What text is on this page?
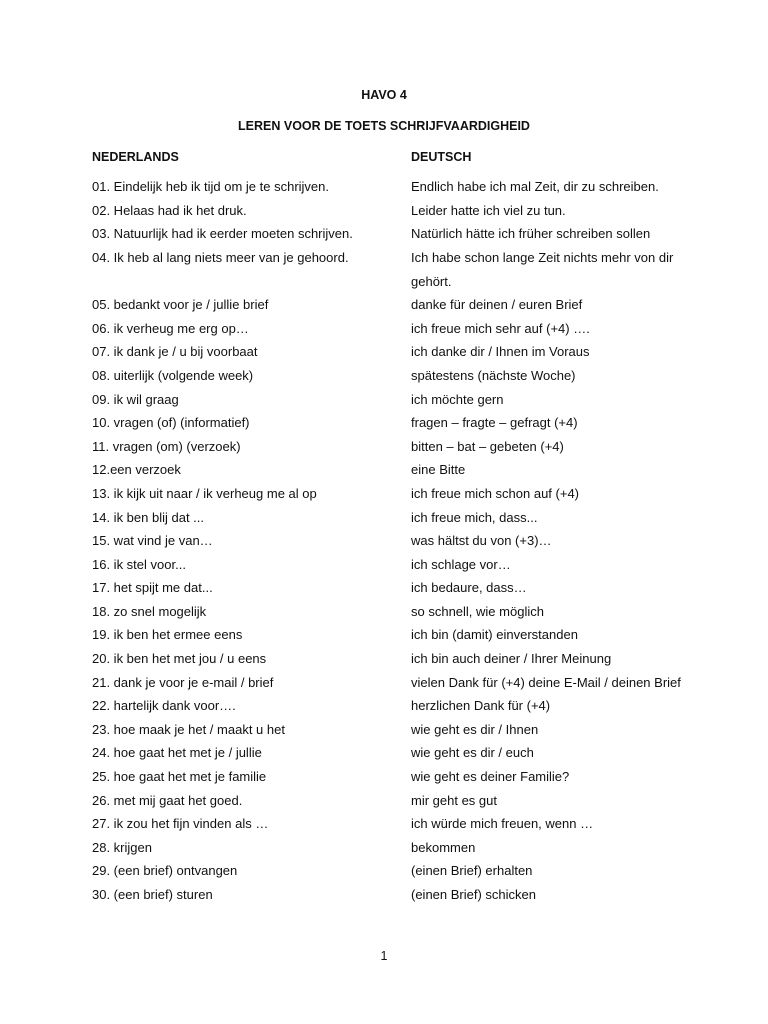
HAVO 4
LEREN VOOR DE TOETS SCHRIJFVAARDIGHEID
NEDERLANDS	DEUTSCH
01. Eindelijk heb ik tijd om je te schrijven.	Endlich habe ich mal Zeit, dir zu schreiben.
02. Helaas had ik het druk.	Leider hatte ich viel zu tun.
03. Natuurlijk had ik eerder moeten schrijven.	Natürlich hätte ich früher schreiben sollen
04. Ik heb al lang niets meer van je gehoord.	Ich habe schon lange Zeit nichts mehr von dir gehört.
05. bedankt voor je / jullie brief	danke für deinen / euren Brief
06. ik verheug me erg op…	ich freue mich sehr auf (+4) ….
07. ik dank je / u bij voorbaat	ich danke dir / Ihnen im Voraus
08. uiterlijk (volgende week)	spätestens (nächste Woche)
09. ik wil graag	ich möchte gern
10. vragen (of) (informatief)	fragen – fragte – gefragt (+4)
11. vragen (om) (verzoek)	bitten – bat – gebeten (+4)
12.een verzoek	eine Bitte
13. ik kijk uit naar / ik verheug me al op	ich freue mich schon auf (+4)
14. ik ben blij dat ...	ich freue mich, dass...
15. wat vind je van…	was hältst du von (+3)…
16. ik stel voor...	ich schlage vor…
17. het spijt me dat...	ich bedaure, dass…
18. zo snel mogelijk	so schnell, wie möglich
19. ik ben het ermee eens	ich bin (damit) einverstanden
20. ik ben het met jou / u eens	ich bin auch deiner / Ihrer Meinung
21. dank je voor je e-mail / brief	vielen Dank für (+4) deine E-Mail / deinen Brief
22. hartelijk dank voor….	herzlichen Dank für (+4)
23. hoe maak je het / maakt u het	wie geht es dir / Ihnen
24. hoe gaat het met je / jullie	wie geht es dir / euch
25. hoe gaat het met je familie	wie geht es deiner Familie?
26. met mij gaat het goed.	mir geht es gut
27. ik zou het fijn vinden als …	ich würde mich freuen, wenn …
28. krijgen	bekommen
29. (een brief) ontvangen	(einen Brief) erhalten
30. (een brief) sturen	(einen Brief) schicken
1
